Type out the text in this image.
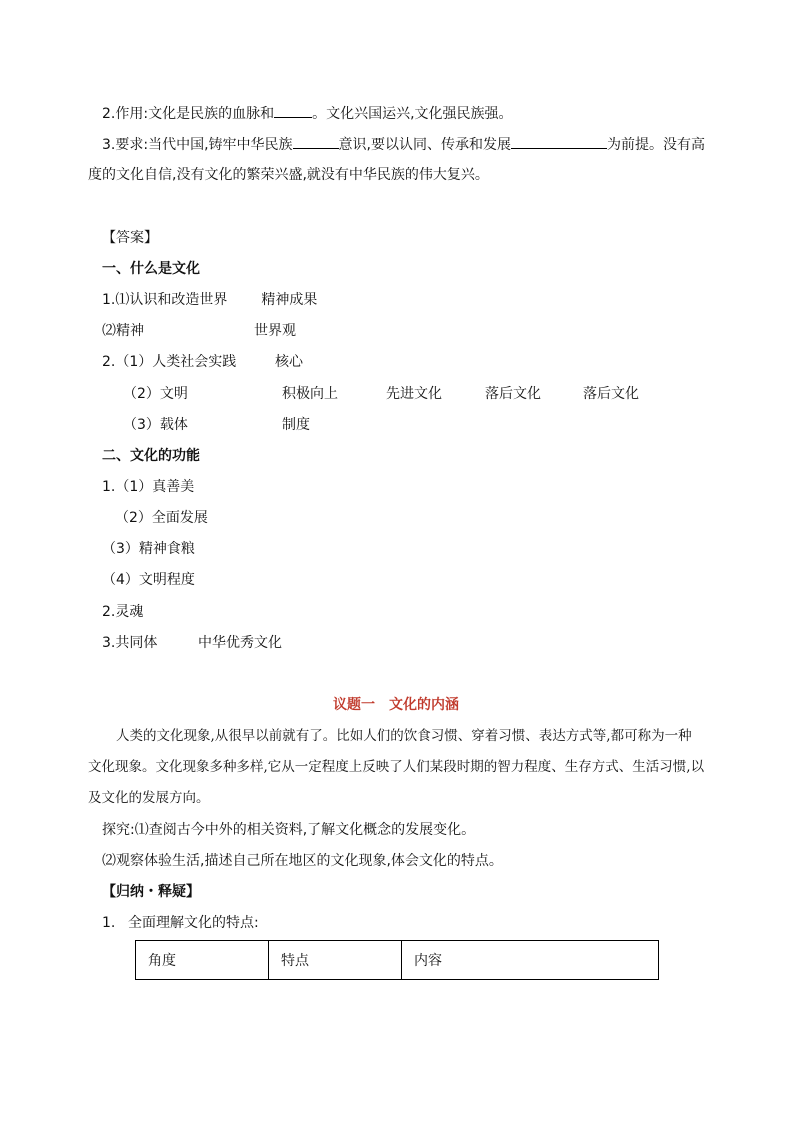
2.作用:文化是民族的血脉和	。文化兴国运兴,文化强民族强。
3.要求:当代中国,铸牢中华民族	意识,要以认同、传承和发展	为前提。没有高
度的文化自信,没有文化的繁荣兴盛,就没有中华民族的伟大复兴。
【答案】
一、什么是文化
1.⑴认识和改造世界 精神成果
⑵精神	世界观
2.（1）人类社会实践	核心
（2）文明	积极向上	先进文化	落后文化	落后文化
（3）载体	制度
二、文化的功能
1.（1）真善美
（2）全面发展
（3）精神食粮
（4）文明程度
2.灵魂
3.共同体	中华优秀文化
议题一　文化的内涵
人类的文化现象,从很早以前就有了。比如人们的饮食习惯、穿着习惯、表达方式等,都可称为一种
文化现象。文化现象多种多样,它从一定程度上反映了人们某段时期的智力程度、生存方式、生活习惯,以
及文化的发展方向。
探究:⑴查阅古今中外的相关资料,了解文化概念的发展变化。
⑵观察体验生活,描述自己所在地区的文化现象,体会文化的特点。
【归纳・释疑】
1. 全面理解文化的特点:
角度	特点	内容
